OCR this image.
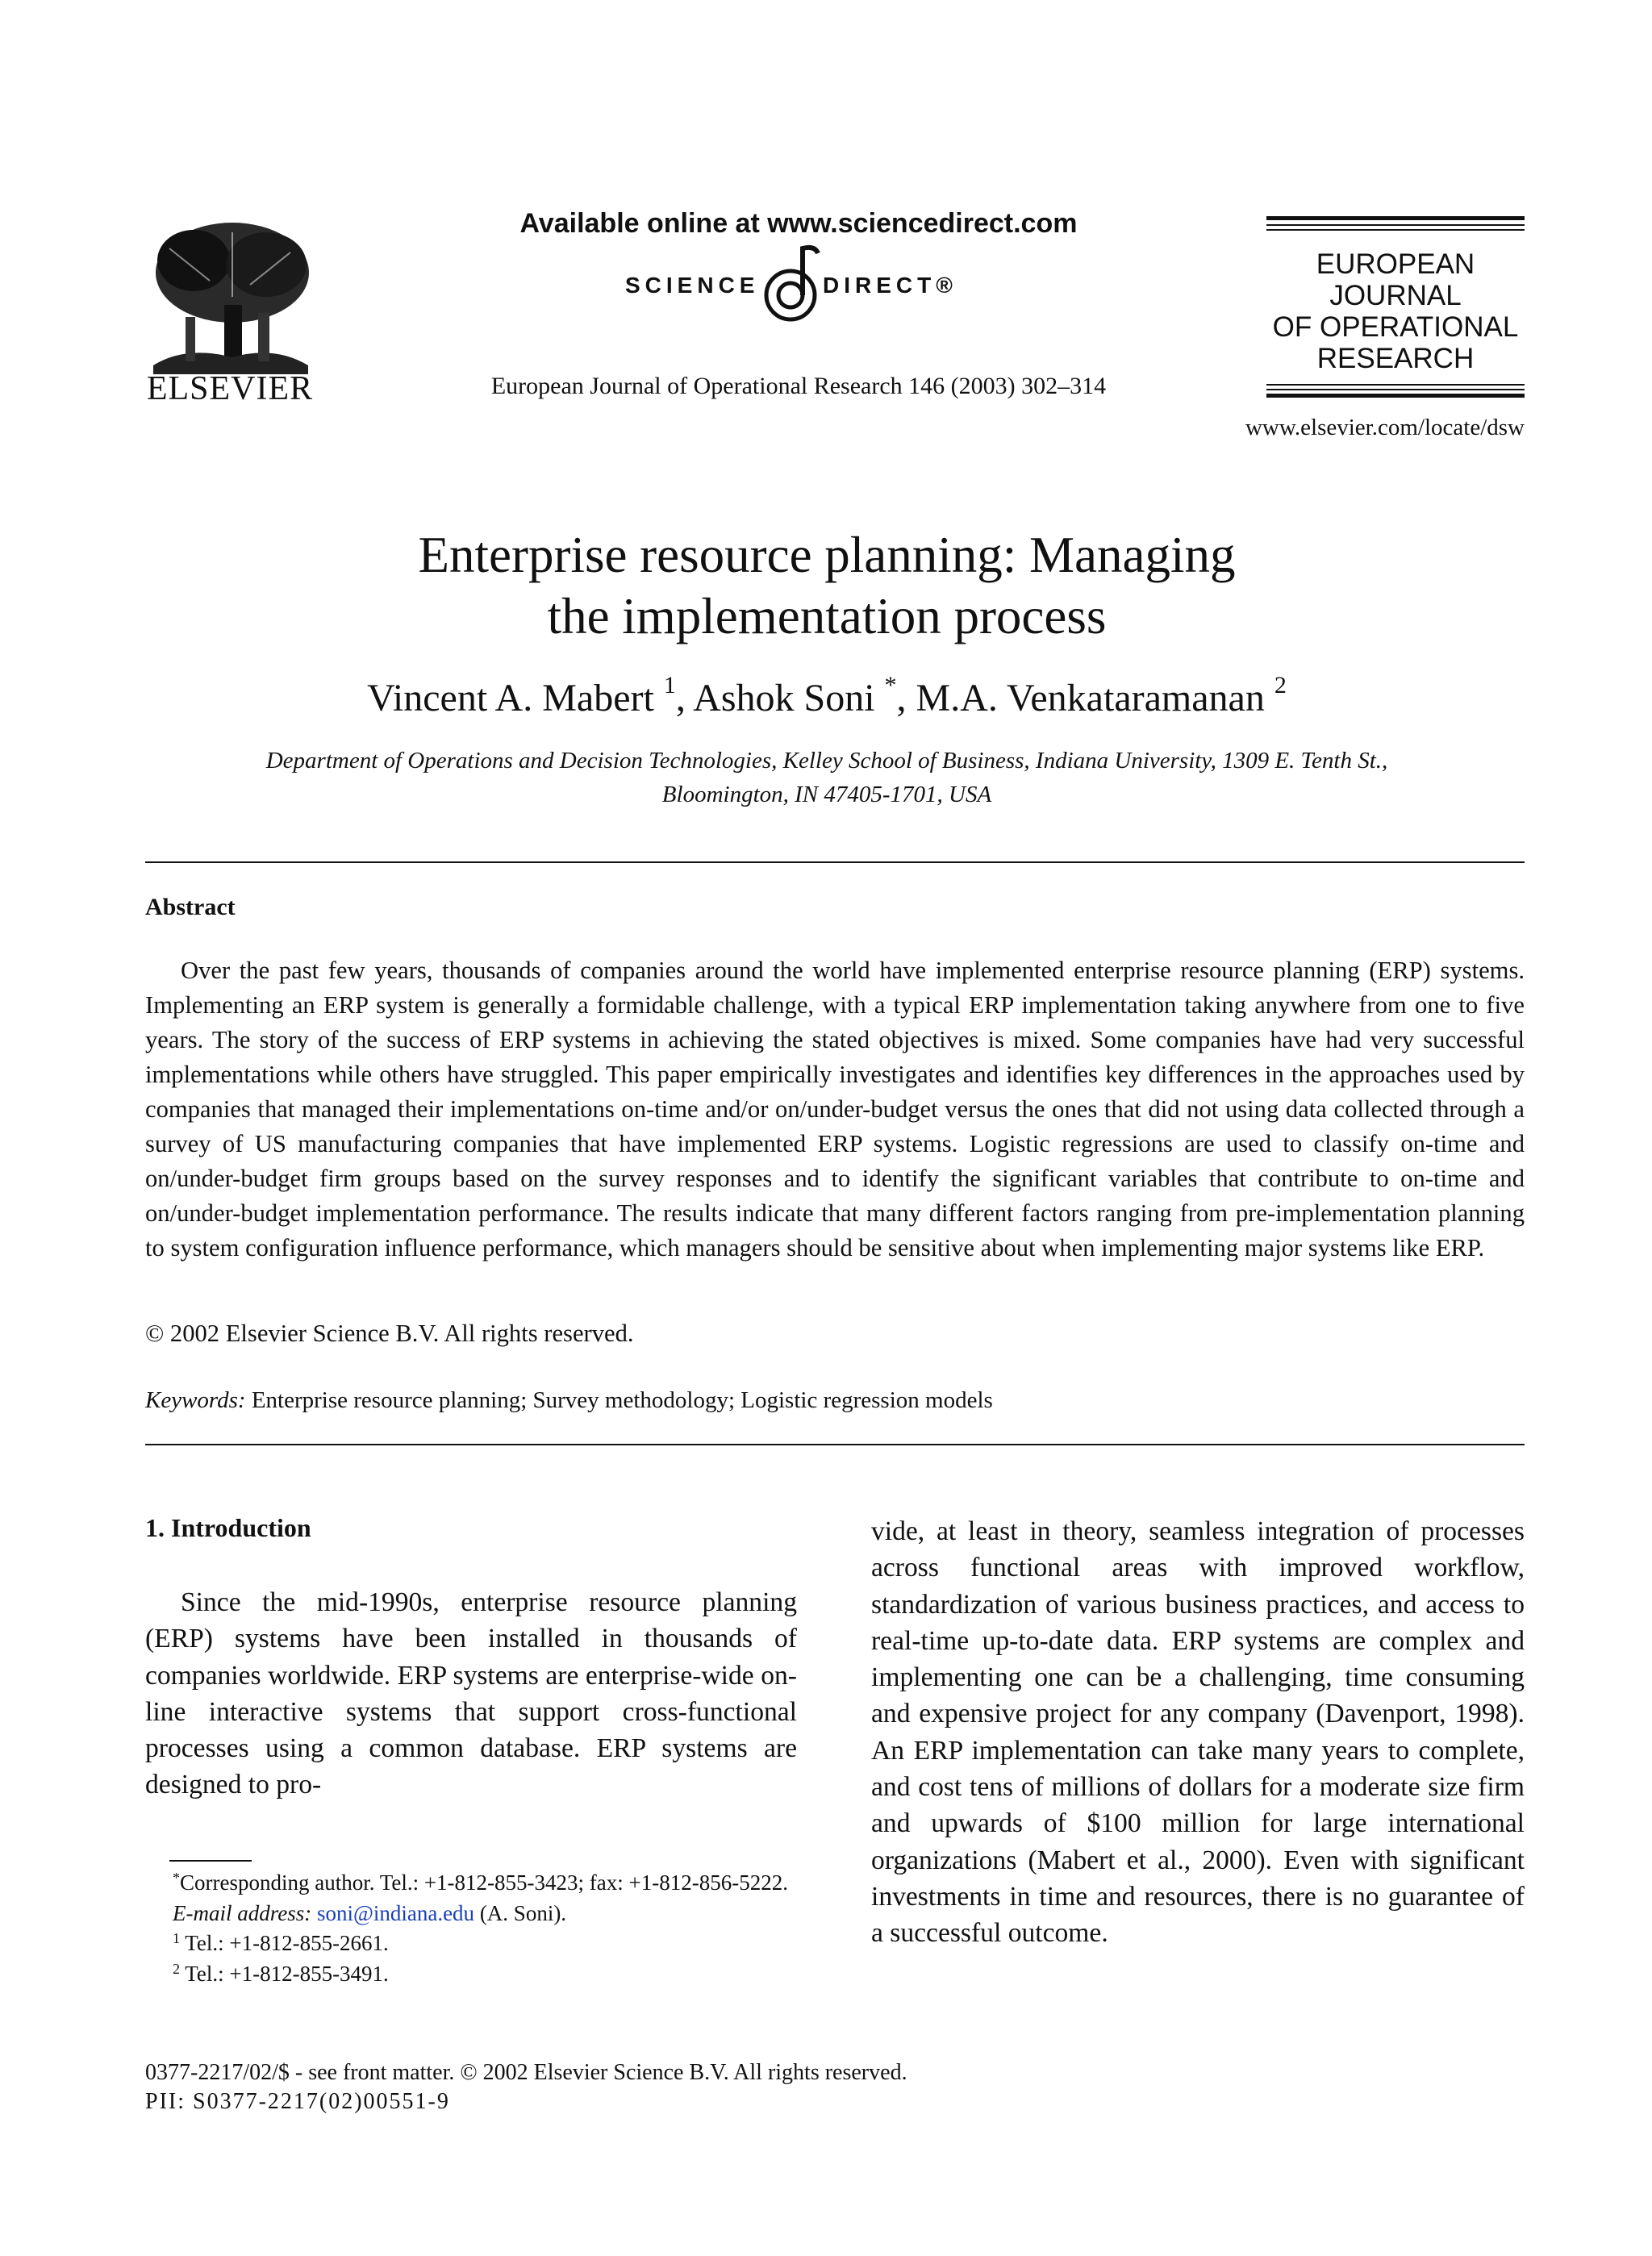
ELSEVIER
Available online at www.sciencedirect.com
SCIENCE	DIRECT®
European Journal of Operational Research 146 (2003) 302–314
EUROPEAN
JOURNAL
OF OPERATIONAL
RESEARCH
www.elsevier.com/locate/dsw
Enterprise resource planning: Managing
the implementation process
Vincent A. Mabert $^1$, Ashok Soni *, M.A. Venkataramanan $^2$
Department of Operations and Decision Technologies, Kelley School of Business, Indiana University, 1309 E. Tenth St.,
Bloomington, IN 47405-1701, USA
Abstract
Over the past few years, thousands of companies around the world have implemented enterprise resource planning (ERP) systems. Implementing an ERP system is generally a formidable challenge, with a typical ERP implementation taking anywhere from one to five years. The story of the success of ERP systems in achieving the stated objectives is mixed. Some companies have had very successful implementations while others have struggled. This paper empirically investigates and identifies key differences in the approaches used by companies that managed their implementations on-time and/or on/under-budget versus the ones that did not using data collected through a survey of US manufacturing companies that have implemented ERP systems. Logistic regressions are used to classify on-time and on/under-budget firm groups based on the survey responses and to identify the significant variables that contribute to on-time and on/under-budget implementation performance. The results indicate that many different factors ranging from pre-implementation planning to system configuration influence performance, which managers should be sensitive about when implementing major systems like ERP.
© 2002 Elsevier Science B.V. All rights reserved.
Keywords: Enterprise resource planning; Survey methodology; Logistic regression models
1. Introduction
Since the mid-1990s, enterprise resource planning (ERP) systems have been installed in thousands of companies worldwide. ERP systems are enterprise-wide on-line interactive systems that support cross-functional processes using a common database. ERP systems are designed to pro-
vide, at least in theory, seamless integration of processes across functional areas with improved workflow, standardization of various business practices, and access to real-time up-to-date data. ERP systems are complex and implementing one can be a challenging, time consuming and expensive project for any company (Davenport, 1998). An ERP implementation can take many years to complete, and cost tens of millions of dollars for a moderate size firm and upwards of $100 million for large international organizations (Mabert et al., 2000). Even with significant investments in time and resources, there is no guarantee of a successful outcome.
*Corresponding author. Tel.: +1-812-855-3423; fax: +1-812-856-5222.
E-mail address: soni@indiana.edu (A. Soni).
$^1$ Tel.: +1-812-855-2661.
$^2$ Tel.: +1-812-855-3491.
0377-2217/02/$ - see front matter. © 2002 Elsevier Science B.V. All rights reserved.
PII: S0377-2217(02)00551-9
